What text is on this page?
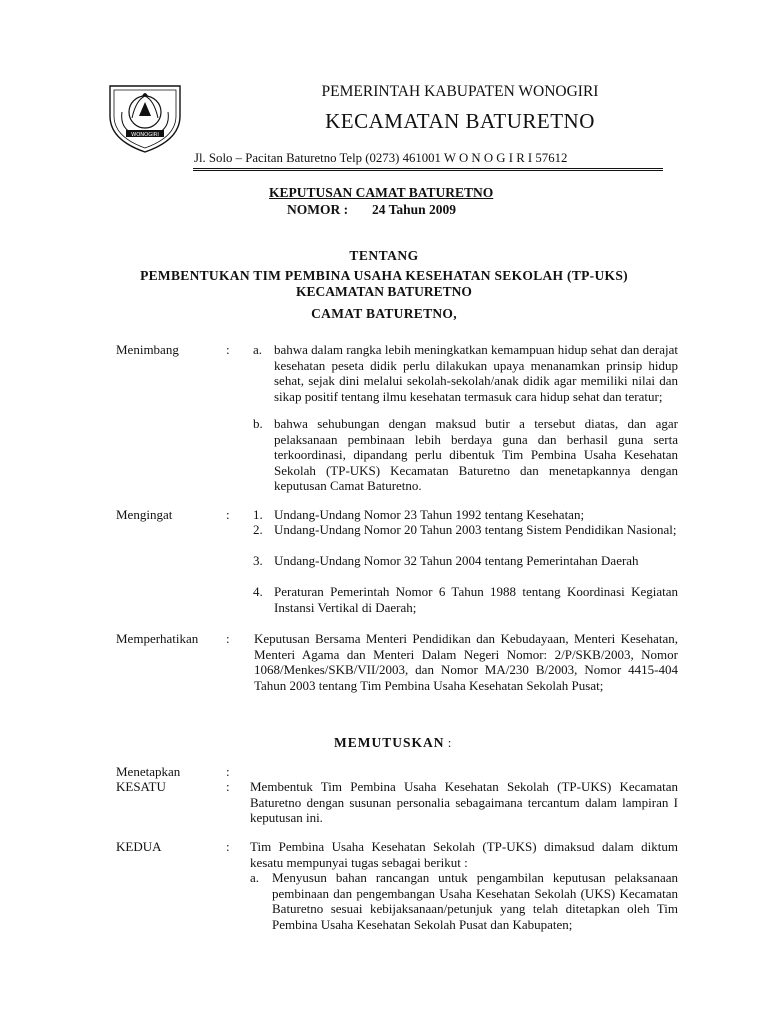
WONOGIRI
PEMERINTAH KABUPATEN WONOGIRI
KECAMATAN BATURETNO
Jl. Solo – Pacitan Baturetno Telp (0273) 461001 W O N O G I R I 57612
KEPUTUSAN CAMAT BATURETNO
NOMOR : 24 Tahun 2009
TENTANG
PEMBENTUKAN TIM PEMBINA USAHA KESEHATAN SEKOLAH (TP-UKS)
KECAMATAN BATURETNO
CAMAT BATURETNO,
Menimbang	: a. bahwa dalam rangka lebih meningkatkan kemampuan hidup sehat dan derajat kesehatan peseta didik perlu dilakukan upaya menanamkan prinsip hidup sehat, sejak dini melalui sekolah-sekolah/anak didik agar memiliki nilai dan sikap positif tentang ilmu kesehatan termasuk cara hidup sehat dan teratur;
b. bahwa sehubungan dengan maksud butir a tersebut diatas, dan agar pelaksanaan pembinaan lebih berdaya guna dan berhasil guna serta terkoordinasi, dipandang perlu dibentuk Tim Pembina Usaha Kesehatan Sekolah (TP-UKS) Kecamatan Baturetno dan menetapkannya dengan keputusan Camat Baturetno.
Mengingat	: 1. Undang-Undang Nomor 23 Tahun 1992 tentang Kesehatan;
2. Undang-Undang Nomor 20 Tahun 2003 tentang Sistem Pendidikan Nasional;
3. Undang-Undang Nomor 32 Tahun 2004 tentang Pemerintahan Daerah
4. Peraturan Pemerintah Nomor 6 Tahun 1988 tentang Koordinasi Kegiatan Instansi Vertikal di Daerah;
Memperhatikan : Keputusan Bersama Menteri Pendidikan dan Kebudayaan, Menteri Kesehatan, Menteri Agama dan Menteri Dalam Negeri Nomor: 2/P/SKB/2003, Nomor 1068/Menkes/SKB/VII/2003, dan Nomor MA/230 B/2003, Nomor 4415-404 Tahun 2003 tentang Tim Pembina Usaha Kesehatan Sekolah Pusat;
MEMUTUSKAN :
Menetapkan	:
KESATU	: Membentuk Tim Pembina Usaha Kesehatan Sekolah (TP-UKS) Kecamatan Baturetno dengan susunan personalia sebagaimana tercantum dalam lampiran I keputusan ini.
KEDUA	: Tim Pembina Usaha Kesehatan Sekolah (TP-UKS) dimaksud dalam diktum kesatu mempunyai tugas sebagai berikut :
a. Menyusun bahan rancangan untuk pengambilan keputusan pelaksanaan pembinaan dan pengembangan Usaha Kesehatan Sekolah (UKS) Kecamatan Baturetno sesuai kebijaksanaan/petunjuk yang telah ditetapkan oleh Tim Pembina Usaha Kesehatan Sekolah Pusat dan Kabupaten;
